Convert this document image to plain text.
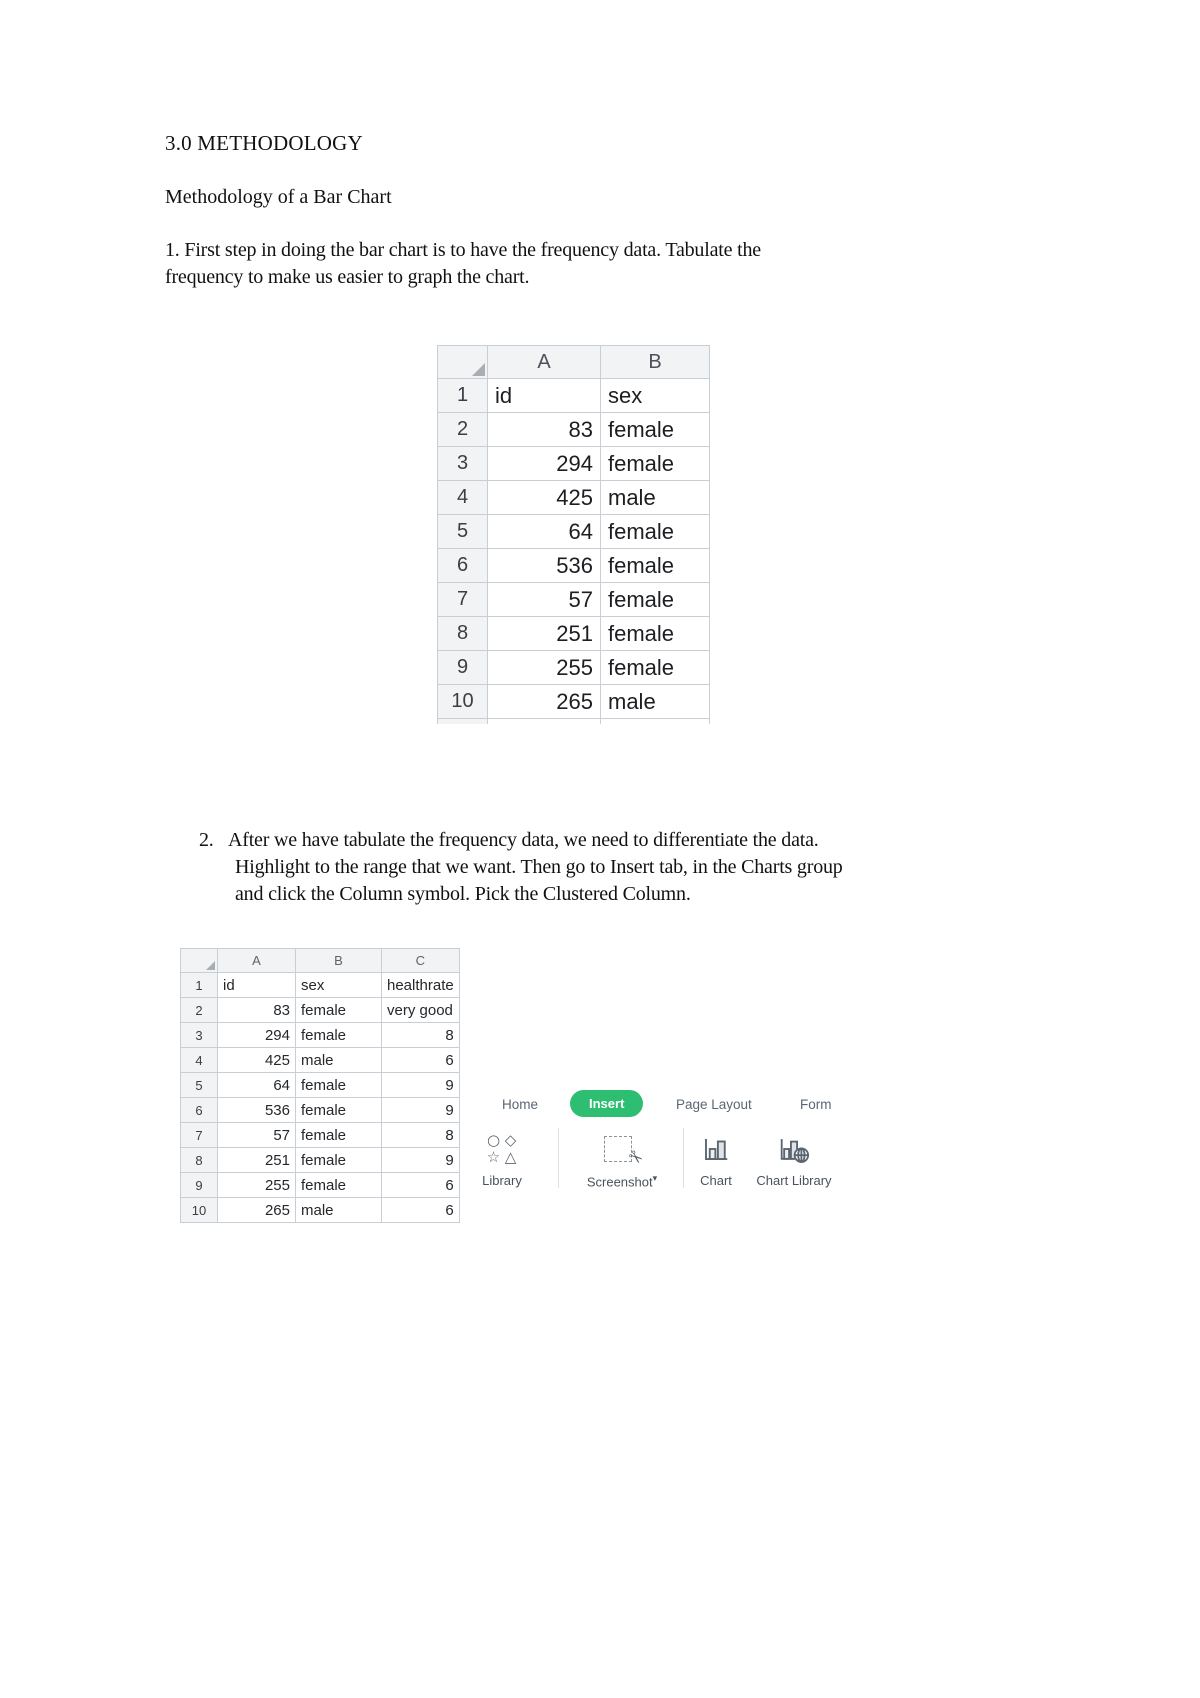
3.0 METHODOLOGY
Methodology of a Bar Chart
1. First step in doing the bar chart is to have the frequency data. Tabulate the
frequency to make us easier to graph the chart.
	A	B
1	id	sex
2	83	female
3	294	female
4	425	male
5	64	female
6	536	female
7	57	female
8	251	female
9	255	female
10	265	male

2. After we have tabulate the frequency data, we need to differentiate the data.
Highlight to the range that we want. Then go to Insert tab, in the Charts group
and click the Column symbol. Pick the Clustered Column.
	A	B	C
1	id	sex	healthrate
2	83	female	very good
3	294	female	8
4	425	male	6
5	64	female	9
6	536	female	9
7	57	female	8
8	251	female	9
9	255	female	6
10	265	male	6
Home	Insert	Page Layout	Form
○ ◇
☆ △
Library
✂
Screenshot▾	Chart Chart Library
